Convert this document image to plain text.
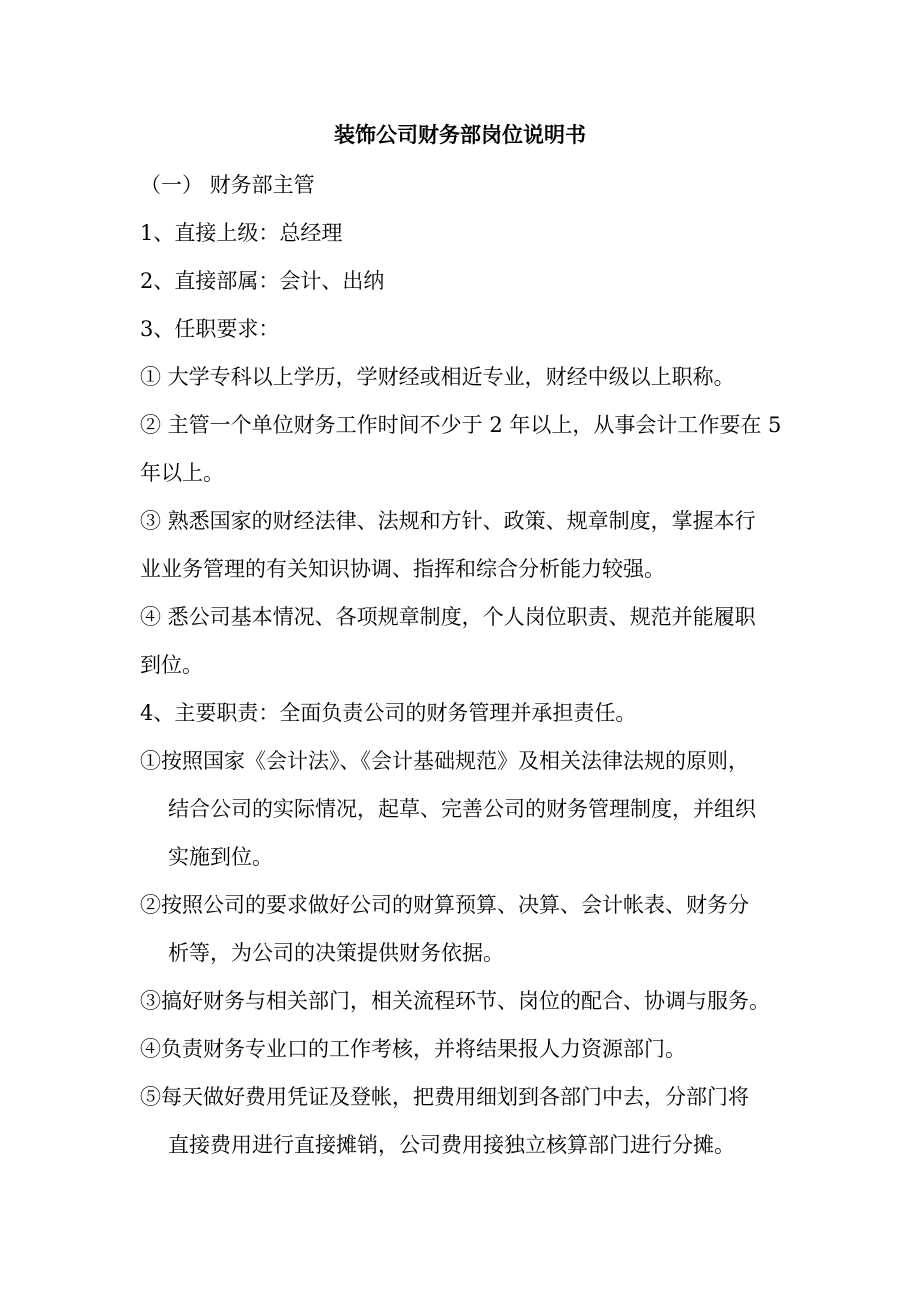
装饰公司财务部岗位说明书
（一） 财务部主管
1、直接上级：总经理
2、直接部属：会计、出纳
3、任职要求：
① 大学专科以上学历，学财经或相近专业，财经中级以上职称。
② 主管一个单位财务工作时间不少于 2 年以上，从事会计工作要在 5
年以上。
③ 熟悉国家的财经法律、法规和方针、政策、规章制度，掌握本行
业业务管理的有关知识协调、指挥和综合分析能力较强。
④ 悉公司基本情况、各项规章制度，个人岗位职责、规范并能履职
到位。
4、主要职责：全面负责公司的财务管理并承担责任。
①按照国家《会计法》、《会计基础规范》及相关法律法规的原则，
结合公司的实际情况，起草、完善公司的财务管理制度，并组织
实施到位。
②按照公司的要求做好公司的财算预算、决算、会计帐表、财务分
析等，为公司的决策提供财务依据。
③搞好财务与相关部门，相关流程环节、岗位的配合、协调与服务。
④负责财务专业口的工作考核，并将结果报人力资源部门。
⑤每天做好费用凭证及登帐，把费用细划到各部门中去，分部门将
直接费用进行直接摊销，公司费用接独立核算部门进行分摊。
